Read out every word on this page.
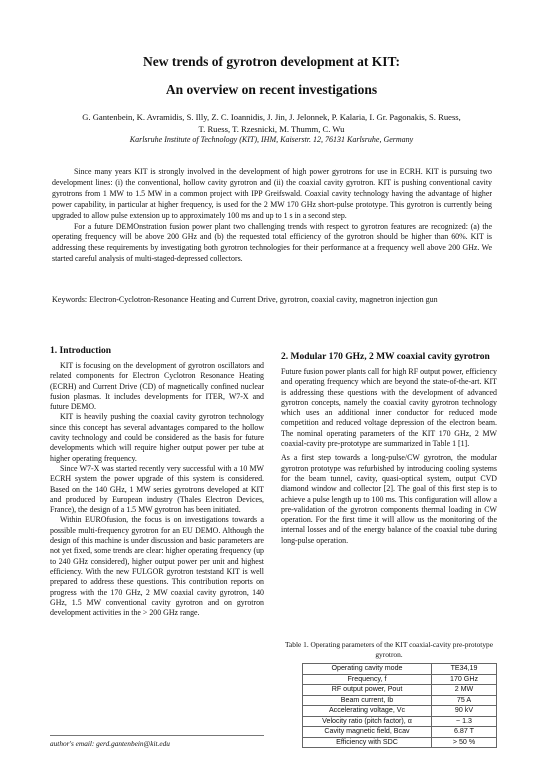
New trends of gyrotron development at KIT:
An overview on recent investigations
G. Gantenbein, K. Avramidis, S. Illy, Z. C. Ioannidis, J. Jin, J. Jelonnek, P. Kalaria, I. Gr. Pagonakis, S. Ruess,
T. Ruess, T. Rzesnicki, M. Thumm, C. Wu
Karlsruhe Institute of Technology (KIT), IHM, Kaiserstr. 12, 76131 Karlsruhe, Germany

Since many years KIT is strongly involved in the development of high power gyrotrons for use in ECRH. KIT is pursuing two development lines: (i) the conventional, hollow cavity gyrotron and (ii) the coaxial cavity gyrotron. KIT is pushing conventional cavity gyrotrons from 1 MW to 1.5 MW in a common project with IPP Greifswald. Coaxial cavity technology having the advantage of higher power capability, in particular at higher frequency, is used for the 2 MW 170 GHz short-pulse prototype. This gyrotron is currently being upgraded to allow pulse extension up to approximately 100 ms and up to 1 s in a second step.

For a future DEMOnstration fusion power plant two challenging trends with respect to gyrotron features are recognized: (a) the operating frequency will be above 200 GHz and (b) the requested total efficiency of the gyrotron should be higher than 60%. KIT is addressing these requirements by investigating both gyrotron technologies for their performance at a frequency well above 200 GHz. We started careful analysis of multi-staged-depressed collectors.

Keywords: Electron-Cyclotron-Resonance Heating and Current Drive, gyrotron, coaxial cavity, magnetron injection gun
1. Introduction

KIT is focusing on the development of gyrotron oscillators and related components for Electron Cyclotron Resonance Heating (ECRH) and Current Drive (CD) of magnetically confined nuclear fusion plasmas. It includes developments for ITER, W7-X and future DEMO.

KIT is heavily pushing the coaxial cavity gyrotron technology since this concept has several advantages compared to the hollow cavity technology and could be considered as the basis for future developments which will require higher output power per tube at higher operating frequency.

Since W7-X was started recently very successful with a 10 MW ECRH system the power upgrade of this system is considered. Based on the 140 GHz, 1 MW series gyrotrons developed at KIT and produced by European industry (Thales Electron Devices, France), the design of a 1.5 MW gyrotron has been initiated.

Within EUROfusion, the focus is on investigations towards a possible multi-frequency gyrotron for an EU DEMO. Although the design of this machine is under discussion and basic parameters are not yet fixed, some trends are clear: higher operating frequency (up to 240 GHz considered), higher output power per unit and highest efficiency. With the new FULGOR gyrotron teststand KIT is well prepared to address these questions. This contribution reports on progress with the 170 GHz, 2 MW coaxial cavity gyrotron, 140 GHz, 1.5 MW conventional cavity gyrotron and on gyrotron development activities in the > 200 GHz range.

2. Modular 170 GHz, 2 MW coaxial cavity gyrotron

Future fusion power plants call for high RF output power, efficiency and operating frequency which are beyond the state-of-the-art. KIT is addressing these questions with the development of advanced gyrotron concepts, namely the coaxial cavity gyrotron technology which uses an additional inner conductor for reduced mode competition and reduced voltage depression of the electron beam. The nominal operating parameters of the KIT 170 GHz, 2 MW coaxial-cavity pre-prototype are summarized in Table 1 [1].

As a first step towards a long-pulse/CW gyrotron, the modular gyrotron prototype was refurbished by introducing cooling systems for the beam tunnel, cavity, quasi-optical system, output CVD diamond window and collector [2]. The goal of this first step is to achieve a pulse length up to 100 ms. This configuration will allow a pre-validation of the gyrotron components thermal loading in CW operation. For the first time it will allow us the monitoring of the internal losses and of the energy balance of the coaxial tube during long-pulse operation.

Table 1. Operating parameters of the KIT coaxial-cavity pre-prototype gyrotron.
Operating cavity mode	TE34,19
Frequency, f	170 GHz
RF output power, Pout	2 MW
Beam current, Ib	75 A
Accelerating voltage, Vc	90 kV
Velocity ratio (pitch factor), α	~ 1.3
Cavity magnetic field, Bcav	6.87 T
Efficiency with SDC	> 50 %
author's email: gerd.gantenbein@kit.edu
